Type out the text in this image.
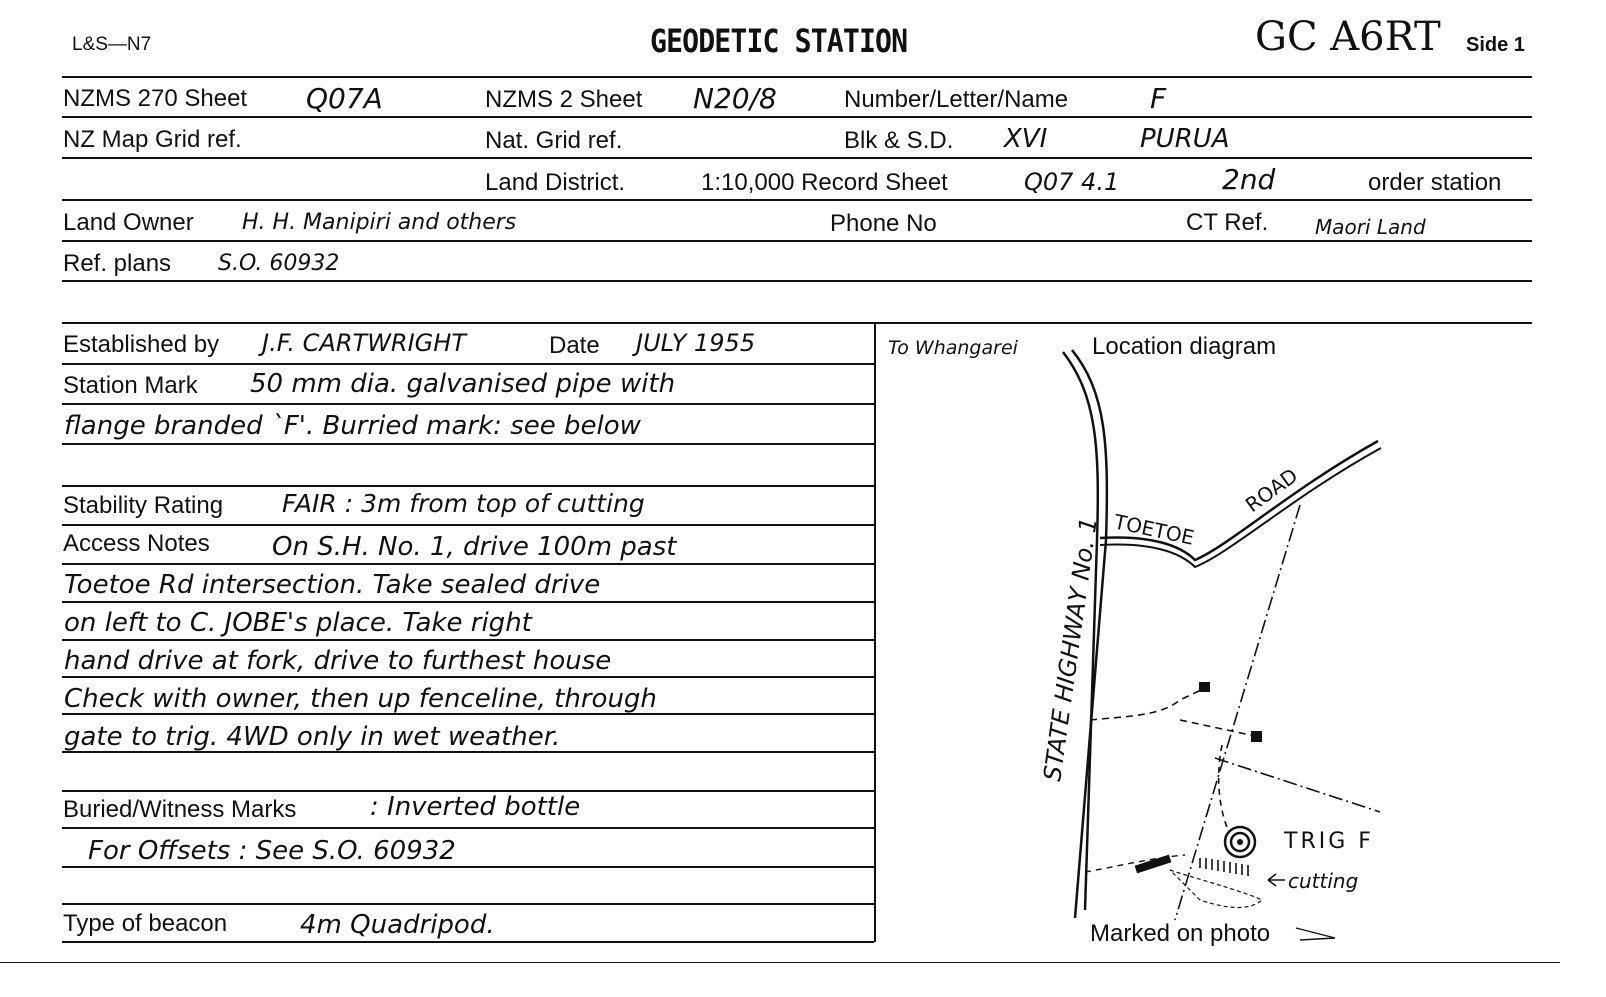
L&S—N7	GEODETIC STATION	GC A6RT Side 1
NZMS 270 Sheet Q07A	NZMS 2 Sheet N20/8	Number/Letter/Name	F
NZ Map Grid ref.	Nat. Grid ref.	Blk & S.D. XVI	PURUA
Land District.	1:10,000 Record Sheet	Q07 4.1	2nd	order station
Land Owner H. H. Manipiri and others	Phone No	CT Ref. Maori Land
Ref. plans S.O. 60932
Established by J.F. CARTWRIGHT	Date JULY 1955
Station Mark 50 mm dia. galvanised pipe with
flange branded `F'. Burried mark: see below
Stability Rating FAIR : 3m from top of cutting
Access Notes On S.H. No. 1, drive 100m past
Toetoe Rd intersection. Take sealed drive
on left to C. JOBE's place. Take right
hand drive at fork, drive to furthest house
Check with owner, then up fenceline, through
gate to trig. 4WD only in wet weather.
Buried/Witness Marks	: Inverted bottle
For Offsets : See S.O. 60932
Type of beacon	4m Quadripod.
Location diagram
Marked on photo
To Whangarei
STATE HIGHWAY No. 1 TOETOE
ROAD
TRIG F
cutting
